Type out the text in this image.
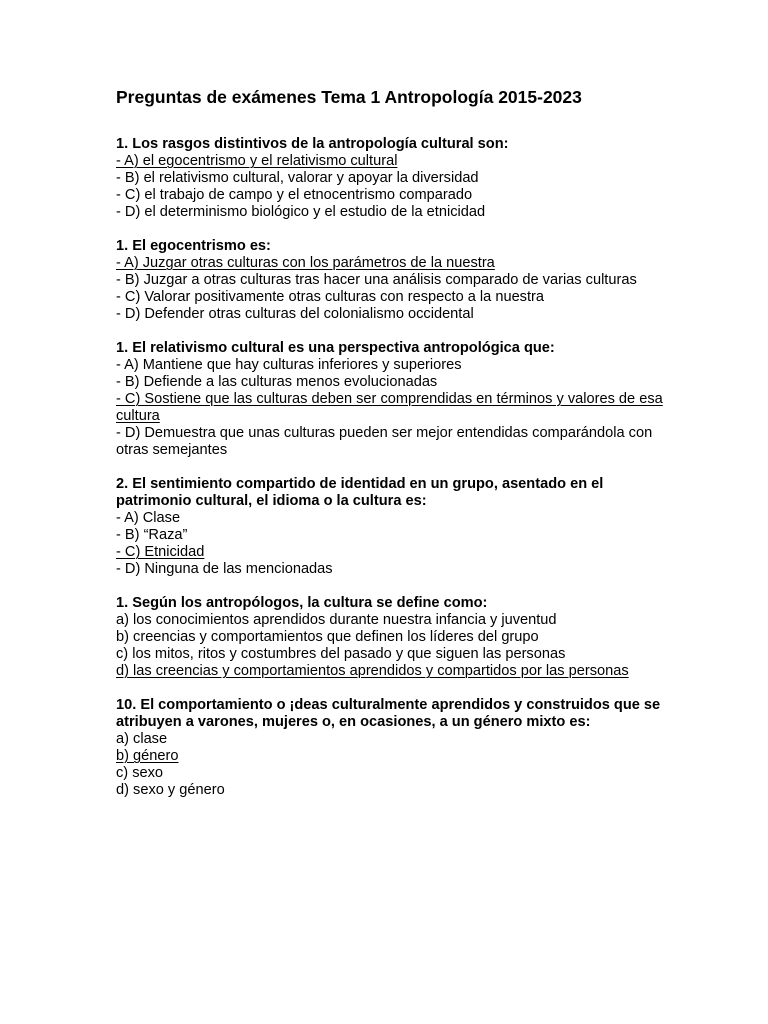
Preguntas de exámenes Tema 1 Antropología 2015-2023
1. Los rasgos distintivos de la antropología cultural son:
- A) el egocentrismo y el relativismo cultural
- B) el relativismo cultural, valorar y apoyar la diversidad
- C) el trabajo de campo y el etnocentrismo comparado
- D) el determinismo biológico y el estudio de la etnicidad
1. El egocentrismo es:
- A) Juzgar otras culturas con los parámetros de la nuestra
- B) Juzgar a otras culturas tras hacer una análisis comparado de varias culturas
- C) Valorar positivamente otras culturas con respecto a la nuestra
- D) Defender otras culturas del colonialismo occidental
1. El relativismo cultural es una perspectiva antropológica que:
- A) Mantiene que hay culturas inferiores y superiores
- B) Defiende a las culturas menos evolucionadas
- C) Sostiene que las culturas deben ser comprendidas en términos y valores de esa cultura
- D) Demuestra que unas culturas pueden ser mejor entendidas comparándola con otras semejantes
2. El sentimiento compartido de identidad en un grupo, asentado en el patrimonio cultural, el idioma o la cultura es:
- A) Clase
- B) “Raza”
- C) Etnicidad
- D) Ninguna de las mencionadas
1. Según los antropólogos, la cultura se define como:
a) los conocimientos aprendidos durante nuestra infancia y juventud
b) creencias y comportamientos que definen los líderes del grupo
c) los mitos, ritos y costumbres del pasado y que siguen las personas
d) las creencias y comportamientos aprendidos y compartidos por las personas
10. El comportamiento o ¡deas culturalmente aprendidos y construidos que se atribuyen a varones, mujeres o, en ocasiones, a un género mixto es:
a) clase
b) género
c) sexo
d) sexo y género
